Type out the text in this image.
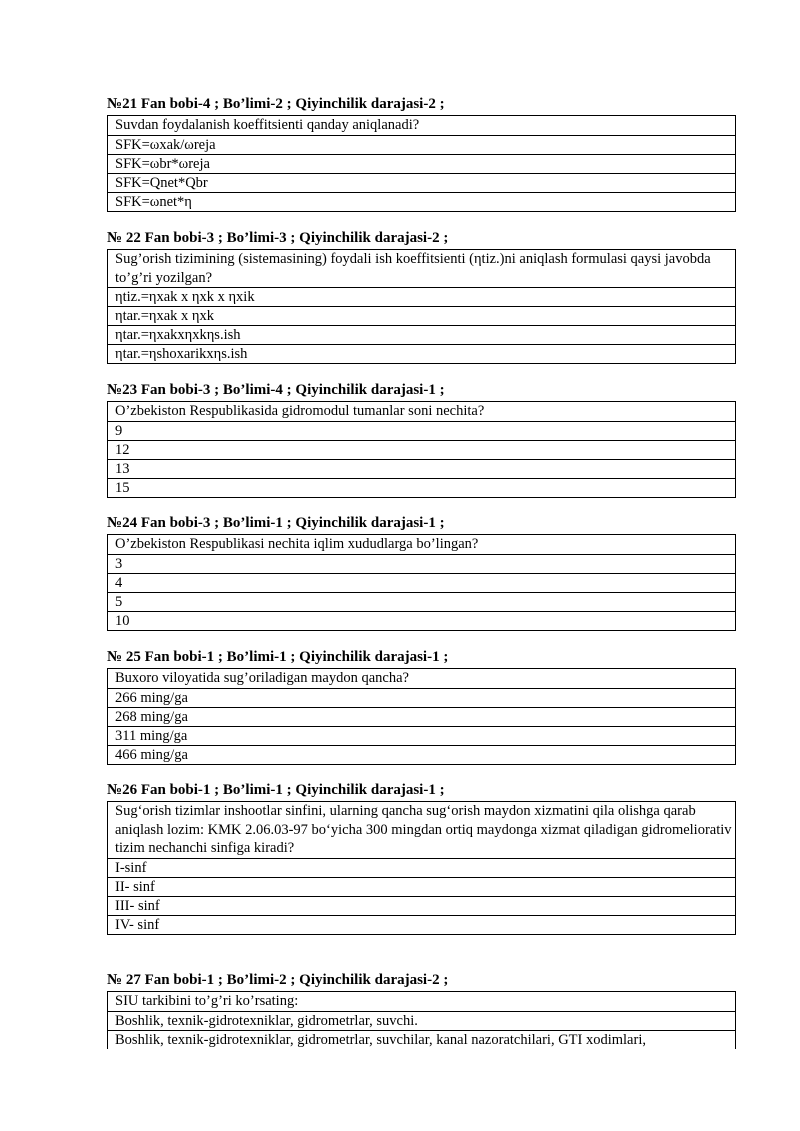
№21 Fan bobi-4 ; Bo’limi-2 ; Qiyinchilik darajasi-2 ;
Suvdan foydalanish koeffitsienti qanday aniqlanadi?
SFK=ωxak/ωreja
SFK=ωbr*ωreja
SFK=Qnet*Qbr
SFK=ωnet*η
№ 22 Fan bobi-3 ; Bo’limi-3 ; Qiyinchilik darajasi-2 ;
Sug’orish tizimining (sistemasining) foydali ish koeffitsienti (ηtiz.)ni aniqlash formulasi qaysi javobda to’g’ri yozilgan?
ηtiz.=ηxak x ηxk x ηxik
ηtar.=ηxak x ηxk
ηtar.=ηxakxηxkηs.ish
ηtar.=ηshoxarikxηs.ish
№23 Fan bobi-3 ; Bo’limi-4 ; Qiyinchilik darajasi-1 ;
O’zbekiston Respublikasida gidromodul tumanlar soni nechita?
9
12
13
15
№24 Fan bobi-3 ; Bo’limi-1 ; Qiyinchilik darajasi-1 ;
O’zbekiston Respublikasi nechita iqlim xududlarga bo’lingan?
3
4
5
10
№ 25 Fan bobi-1 ; Bo’limi-1 ; Qiyinchilik darajasi-1 ;
Buxoro viloyatida sug’oriladigan maydon qancha?
266 ming/ga
268 ming/ga
311 ming/ga
466 ming/ga
№26 Fan bobi-1 ; Bo’limi-1 ; Qiyinchilik darajasi-1 ;
Sug‘orish tizimlar inshootlar sinfini, ularning qancha sug‘orish maydon xizmatini qila olishga qarab aniqlash lozim: KMK 2.06.03-97 bo‘yicha 300 mingdan ortiq maydonga xizmat qiladigan gidromeliorativ tizim nechanchi sinfiga kiradi?
I-sinf
II- sinf
III- sinf
IV- sinf
№ 27 Fan bobi-1 ; Bo’limi-2 ; Qiyinchilik darajasi-2 ;
SIU tarkibini to’g’ri ko’rsating:
Boshlik, texnik-gidrotexniklar, gidrometrlar, suvchi.
Boshlik, texnik-gidrotexniklar, gidrometrlar, suvchilar, kanal nazoratchilari, GTI xodimlari,
